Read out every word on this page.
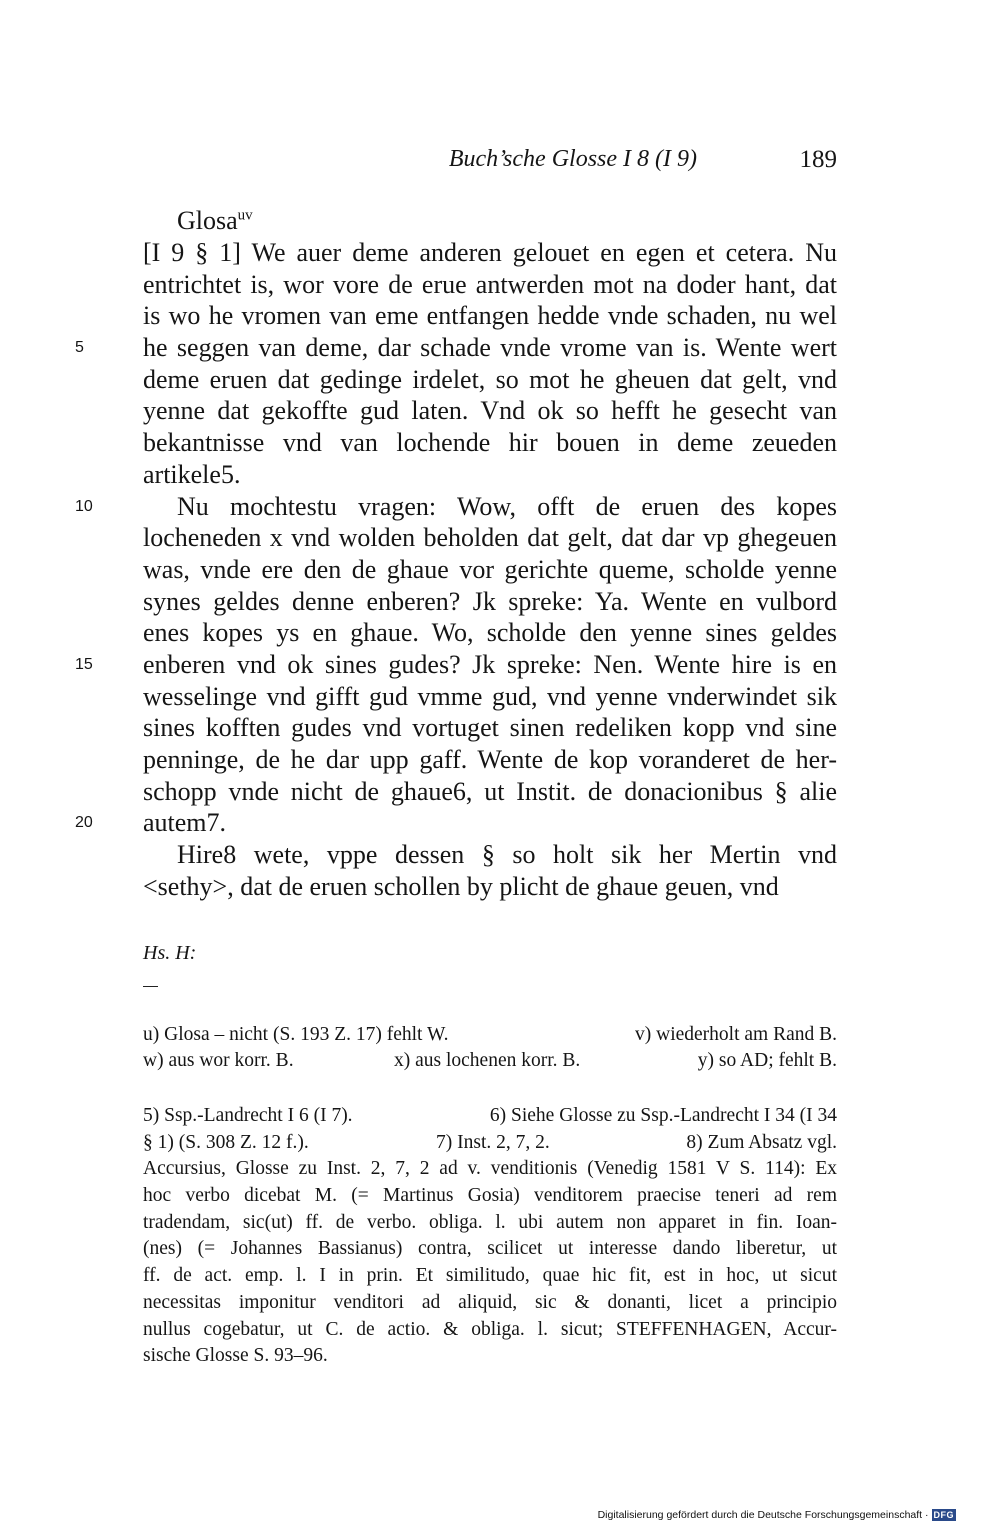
Buch’sche Glosse I 8 (I 9)	189
Glosa$^{uv}$
[I 9 § 1] We auer deme anderen gelouet en egen et cetera. Nu
entrichtet is, wor vore de erue antwerden mot na doder hant, dat
is wo he vromen van eme entfangen hedde vnde schaden, nu wel
5	he seggen van deme, dar schade vnde vrome van is. Wente wert
deme eruen dat gedinge irdelet, so mot he gheuen dat gelt, vnd
yenne dat gekoffte gud laten. Vnd ok so hefft he gesecht van
bekantnisse vnd van lochende hir bouen in deme zeueden
artikele5.
10	Nu mochtestu vragen: Wow, offt de eruen des kopes
locheneden x vnd wolden beholden dat gelt, dat dar vp ghegeuen
was, vnde ere den de ghaue vor gerichte queme, scholde yenne
synes geldes denne enberen? Jk spreke: Ya. Wente en vulbord
enes kopes ys en ghaue. Wo, scholde den yenne sines geldes
15	enberen vnd ok sines gudes? Jk spreke: Nen. Wente hire is en
wesselinge vnd gifft gud vmme gud, vnd yenne vnderwindet sik
sines kofften gudes vnd vortuget sinen redeliken kopp vnd sine
penninge, de he dar upp gaff. Wente de kop voranderet de her-
schopp vnde nicht de ghaue6, ut Instit. de donacionibus § alie
20	autem7.
Hire8 wete, vppe dessen § so holt sik her Mertin vnd
<sethy>, dat de eruen schollen by plicht de ghaue geuen, vnd
Hs. H:
u) Glosa – nicht (S. 193 Z. 17) fehlt W.	v) wiederholt am Rand B.
w) aus wor korr. B.	x) aus lochenen korr. B.	y) so AD; fehlt B.
5) Ssp.-Landrecht I 6 (I 7).	6) Siehe Glosse zu Ssp.-Landrecht I 34 (I 34
§ 1) (S. 308 Z. 12 f.).	7) Inst. 2, 7, 2.	8) Zum Absatz vgl.
Accursius, Glosse zu Inst. 2, 7, 2 ad v. venditionis (Venedig 1581 V S. 114): Ex
hoc verbo dicebat M. (= Martinus Gosia) venditorem praecise teneri ad rem
tradendam, sic(ut) ff. de verbo. obliga. l. ubi autem non apparet in fin. Ioan-
(nes) (= Johannes Bassianus) contra, scilicet ut interesse dando liberetur, ut
ff. de act. emp. l. I in prin. Et similitudo, quae hic fit, est in hoc, ut sicut
necessitas imponitur venditori ad aliquid, sic & donanti, licet a principio
nullus cogebatur, ut C. de actio. & obliga. l. sicut; STEFFENHAGEN, Accur-
sische Glosse S. 93–96.
Digitalisierung gefördert durch die Deutsche Forschungsgemeinschaft · DFG
